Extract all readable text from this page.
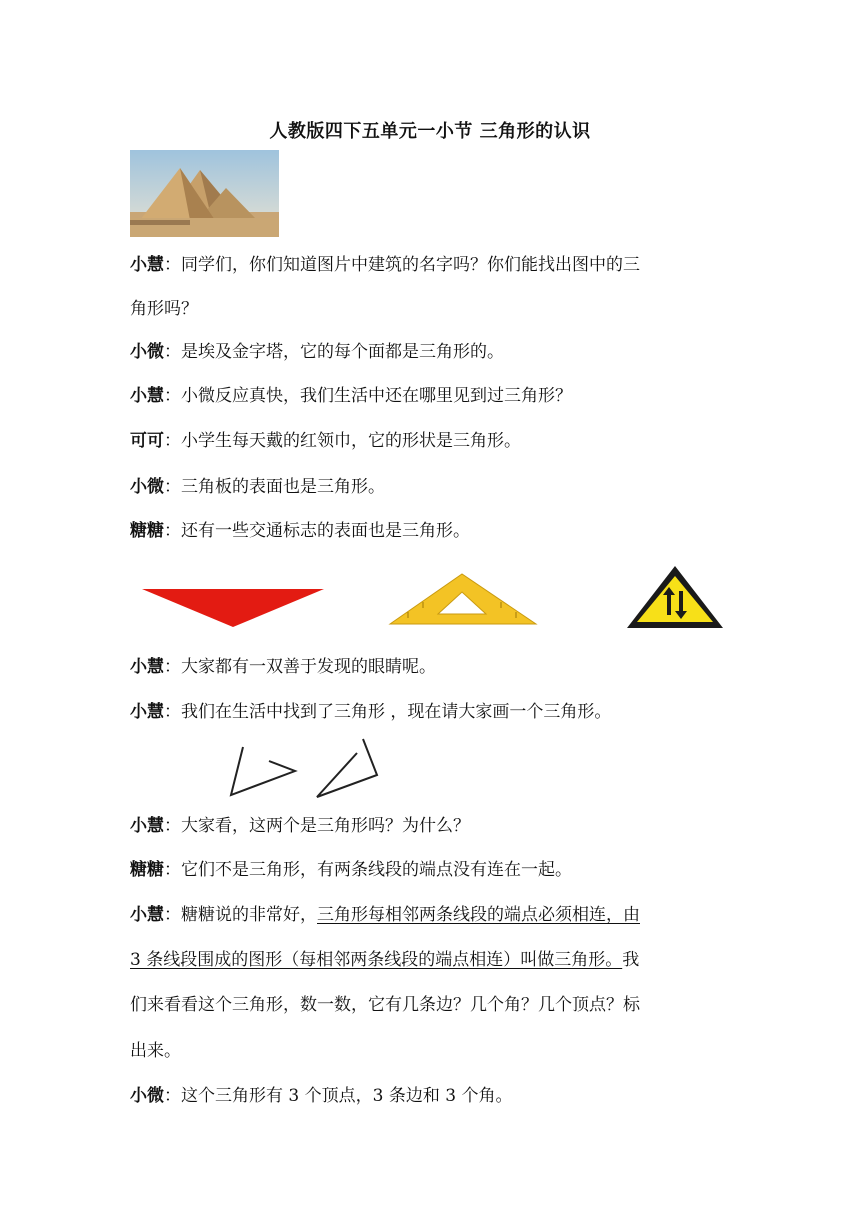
人教版四下五单元一小节 三角形的认识
小慧：同学们，你们知道图片中建筑的名字吗？你们能找出图中的三
角形吗？
小微：是埃及金字塔，它的每个面都是三角形的。
小慧：小微反应真快，我们生活中还在哪里见到过三角形？
可可：小学生每天戴的红领巾，它的形状是三角形。
小微：三角板的表面也是三角形。
糖糖：还有一些交通标志的表面也是三角形。
小慧：大家都有一双善于发现的眼睛呢。
小慧：我们在生活中找到了三角形 ，现在请大家画一个三角形。
小慧：大家看，这两个是三角形吗？为什么？
糖糖：它们不是三角形，有两条线段的端点没有连在一起。
小慧：糖糖说的非常好，三角形每相邻两条线段的端点必须相连，由
3 条线段围成的图形（每相邻两条线段的端点相连）叫做三角形。我
们来看看这个三角形，数一数，它有几条边？几个角？几个顶点？标
出来。
小微：这个三角形有 3 个顶点，3 条边和 3 个角。
